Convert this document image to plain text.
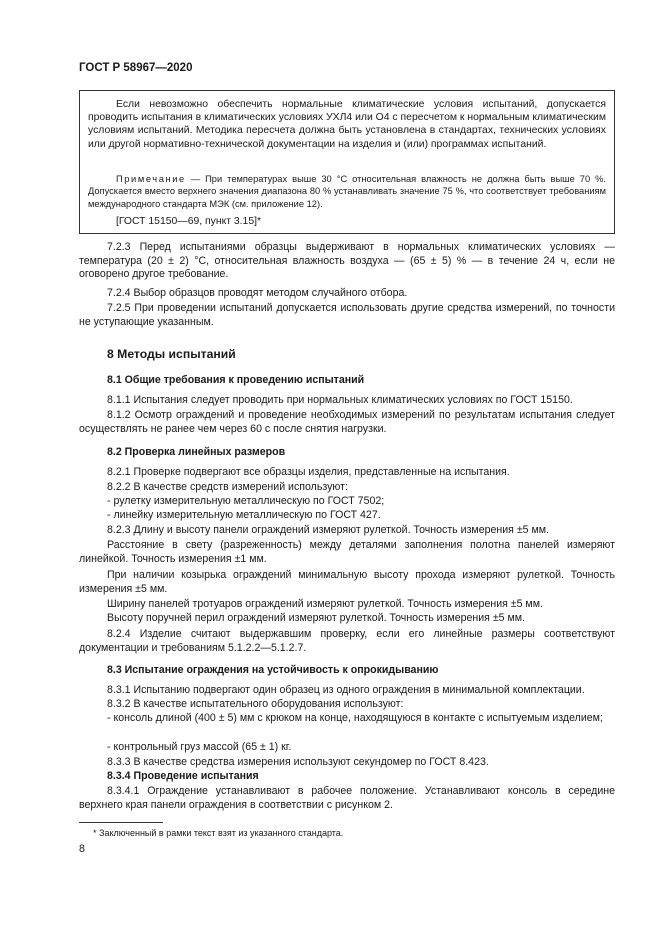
ГОСТ Р 58967—2020

Если невозможно обеспечить нормальные климатические условия испытаний, допускается проводить испытания в климатических условиях УХЛ4 или О4 с пересчетом к нормальным климатическим условиям испытаний. Методика пересчета должна быть установлена в стандартах, технических условиях или другой нормативно-технической документации на изделия и (или) программах испытаний.

Примечание — При температурах выше 30 °С относительная влажность не должна быть выше 70 %. Допускается вместо верхнего значения диапазона 80 % устанавливать значение 75 %, что соответствует требованиям международного стандарта МЭК (см. приложение 12).

[ГОСТ 15150—69, пункт 3.15]*

7.2.3 Перед испытаниями образцы выдерживают в нормальных климатических условиях — температура (20 ± 2) °С, относительная влажность воздуха — (65 ± 5) % — в течение 24 ч, если не оговорено другое требование.

7.2.4 Выбор образцов проводят методом случайного отбора.

7.2.5 При проведении испытаний допускается использовать другие средства измерений, по точности не уступающие указанным.

8 Методы испытаний

8.1 Общие требования к проведению испытаний

8.1.1 Испытания следует проводить при нормальных климатических условиях по ГОСТ 15150.

8.1.2 Осмотр ограждений и проведение необходимых измерений по результатам испытания следует осуществлять не ранее чем через 60 с после снятия нагрузки.

8.2 Проверка линейных размеров

8.2.1 Проверке подвергают все образцы изделия, представленные на испытания.

8.2.2 В качестве средств измерений используют:

- рулетку измерительную металлическую по ГОСТ 7502;

- линейку измерительную металлическую по ГОСТ 427.

8.2.3 Длину и высоту панели ограждений измеряют рулеткой. Точность измерения ±5 мм.

Расстояние в свету (разреженность) между деталями заполнения полотна панелей измеряют линейкой. Точность измерения ±1 мм.

При наличии козырька ограждений минимальную высоту прохода измеряют рулеткой. Точность измерения ±5 мм.

Ширину панелей тротуаров ограждений измеряют рулеткой. Точность измерения ±5 мм.

Высоту поручней перил ограждений измеряют рулеткой. Точность измерения ±5 мм.

8.2.4 Изделие считают выдержавшим проверку, если его линейные размеры соответствуют документации и требованиям 5.1.2.2—5.1.2.7.

8.3 Испытание ограждения на устойчивость к опрокидыванию

8.3.1 Испытанию подвергают один образец из одного ограждения в минимальной комплектации.

8.3.2 В качестве испытательного оборудования используют:

- консоль длиной (400 ± 5) мм с крюком на конце, находящуюся в контакте с испытуемым изделием;

- контрольный груз массой (65 ± 1) кг.

8.3.3 В качестве средства измерения используют секундомер по ГОСТ 8.423.

8.3.4 Проведение испытания

8.3.4.1 Ограждение устанавливают в рабочее положение. Устанавливают консоль в середине верхнего края панели ограждения в соответствии с рисунком 2.

* Заключенный в рамки текст взят из указанного стандарта.

8
